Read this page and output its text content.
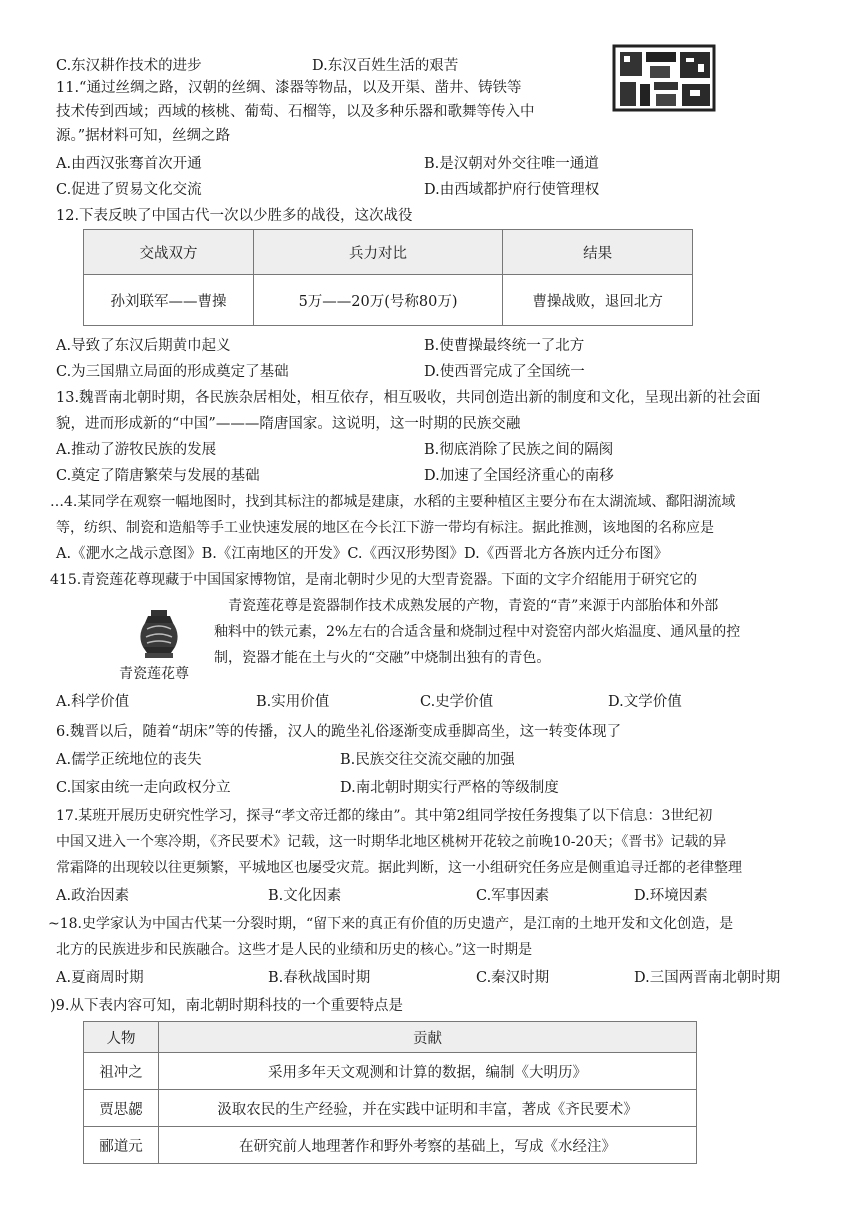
C.东汉耕作技术的进步	D.东汉百姓生活的艰苦
11.“通过丝绸之路，汉朝的丝绸、漆器等物品，以及开渠、凿井、铸铁等
技术传到西域；西域的核桃、葡萄、石榴等，以及多种乐器和歌舞等传入中
源。”据材料可知，丝绸之路
A.由西汉张骞首次开通	B.是汉朝对外交往唯一通道
C.促进了贸易文化交流	D.由西域都护府行使管理权
12.下表反映了中国古代一次以少胜多的战役，这次战役
交战双方	兵力对比	结果
孙刘联军——曹操	5万——20万(号称80万)	曹操战败，退回北方
A.导致了东汉后期黄巾起义	B.使曹操最终统一了北方
C.为三国鼎立局面的形成奠定了基础	D.使西晋完成了全国统一
13.魏晋南北朝时期，各民族杂居相处，相互依存，相互吸收，共同创造出新的制度和文化，呈现出新的社会面
貌，进而形成新的“中国”———隋唐国家。这说明，这一时期的民族交融
A.推动了游牧民族的发展	B.彻底消除了民族之间的隔阂
C.奠定了隋唐繁荣与发展的基础	D.加速了全国经济重心的南移
…4.某同学在观察一幅地图时，找到其标注的都城是建康，水稻的主要种植区主要分布在太湖流域、鄱阳湖流域
等，纺织、制瓷和造船等手工业快速发展的地区在今长江下游一带均有标注。据此推测，该地图的名称应是
A.《淝水之战示意图》B.《江南地区的开发》C.《西汉形势图》D.《西晋北方各族内迁分布图》
415.青瓷莲花尊现藏于中国国家博物馆，是南北朝时少见的大型青瓷器。下面的文字介绍能用于研究它的
青瓷莲花尊是瓷器制作技术成熟发展的产物，青瓷的“青”来源于内部胎体和外部
釉料中的铁元素，2%左右的合适含量和烧制过程中对瓷窑内部火焰温度、通风量的控
制，瓷器才能在土与火的“交融”中烧制出独有的青色。
青瓷莲花尊
A.科学价值	B.实用价值	C.史学价值	D.文学价值
6.魏晋以后，随着“胡床”等的传播，汉人的跪坐礼俗逐渐变成垂脚高坐，这一转变体现了
A.儒学正统地位的丧失	B.民族交往交流交融的加强
C.国家由统一走向政权分立	D.南北朝时期实行严格的等级制度
17.某班开展历史研究性学习，探寻“孝文帝迁都的缘由”。其中第2组同学按任务搜集了以下信息：3世纪初
中国又进入一个寒冷期，《齐民要术》记载，这一时期华北地区桃树开花较之前晚10-20天；《晋书》记载的异
常霜降的出现较以往更频繁，平城地区也屡受灾荒。据此判断，这一小组研究任务应是侧重追寻迁都的老律整理
A.政治因素	B.文化因素	C.军事因素	D.环境因素
~18.史学家认为中国古代某一分裂时期，“留下来的真正有价值的历史遗产，是江南的土地开发和文化创造，是
北方的民族进步和民族融合。这些才是人民的业绩和历史的核心。”这一时期是
A.夏商周时期	B.春秋战国时期	C.秦汉时期	D.三国两晋南北朝时期
)9.从下表内容可知，南北朝时期科技的一个重要特点是
人物	贡献
祖冲之	采用多年天文观测和计算的数据，编制《大明历》
贾思勰	汲取农民的生产经验，并在实践中证明和丰富，著成《齐民要术》
郦道元	在研究前人地理著作和野外考察的基础上，写成《水经注》
